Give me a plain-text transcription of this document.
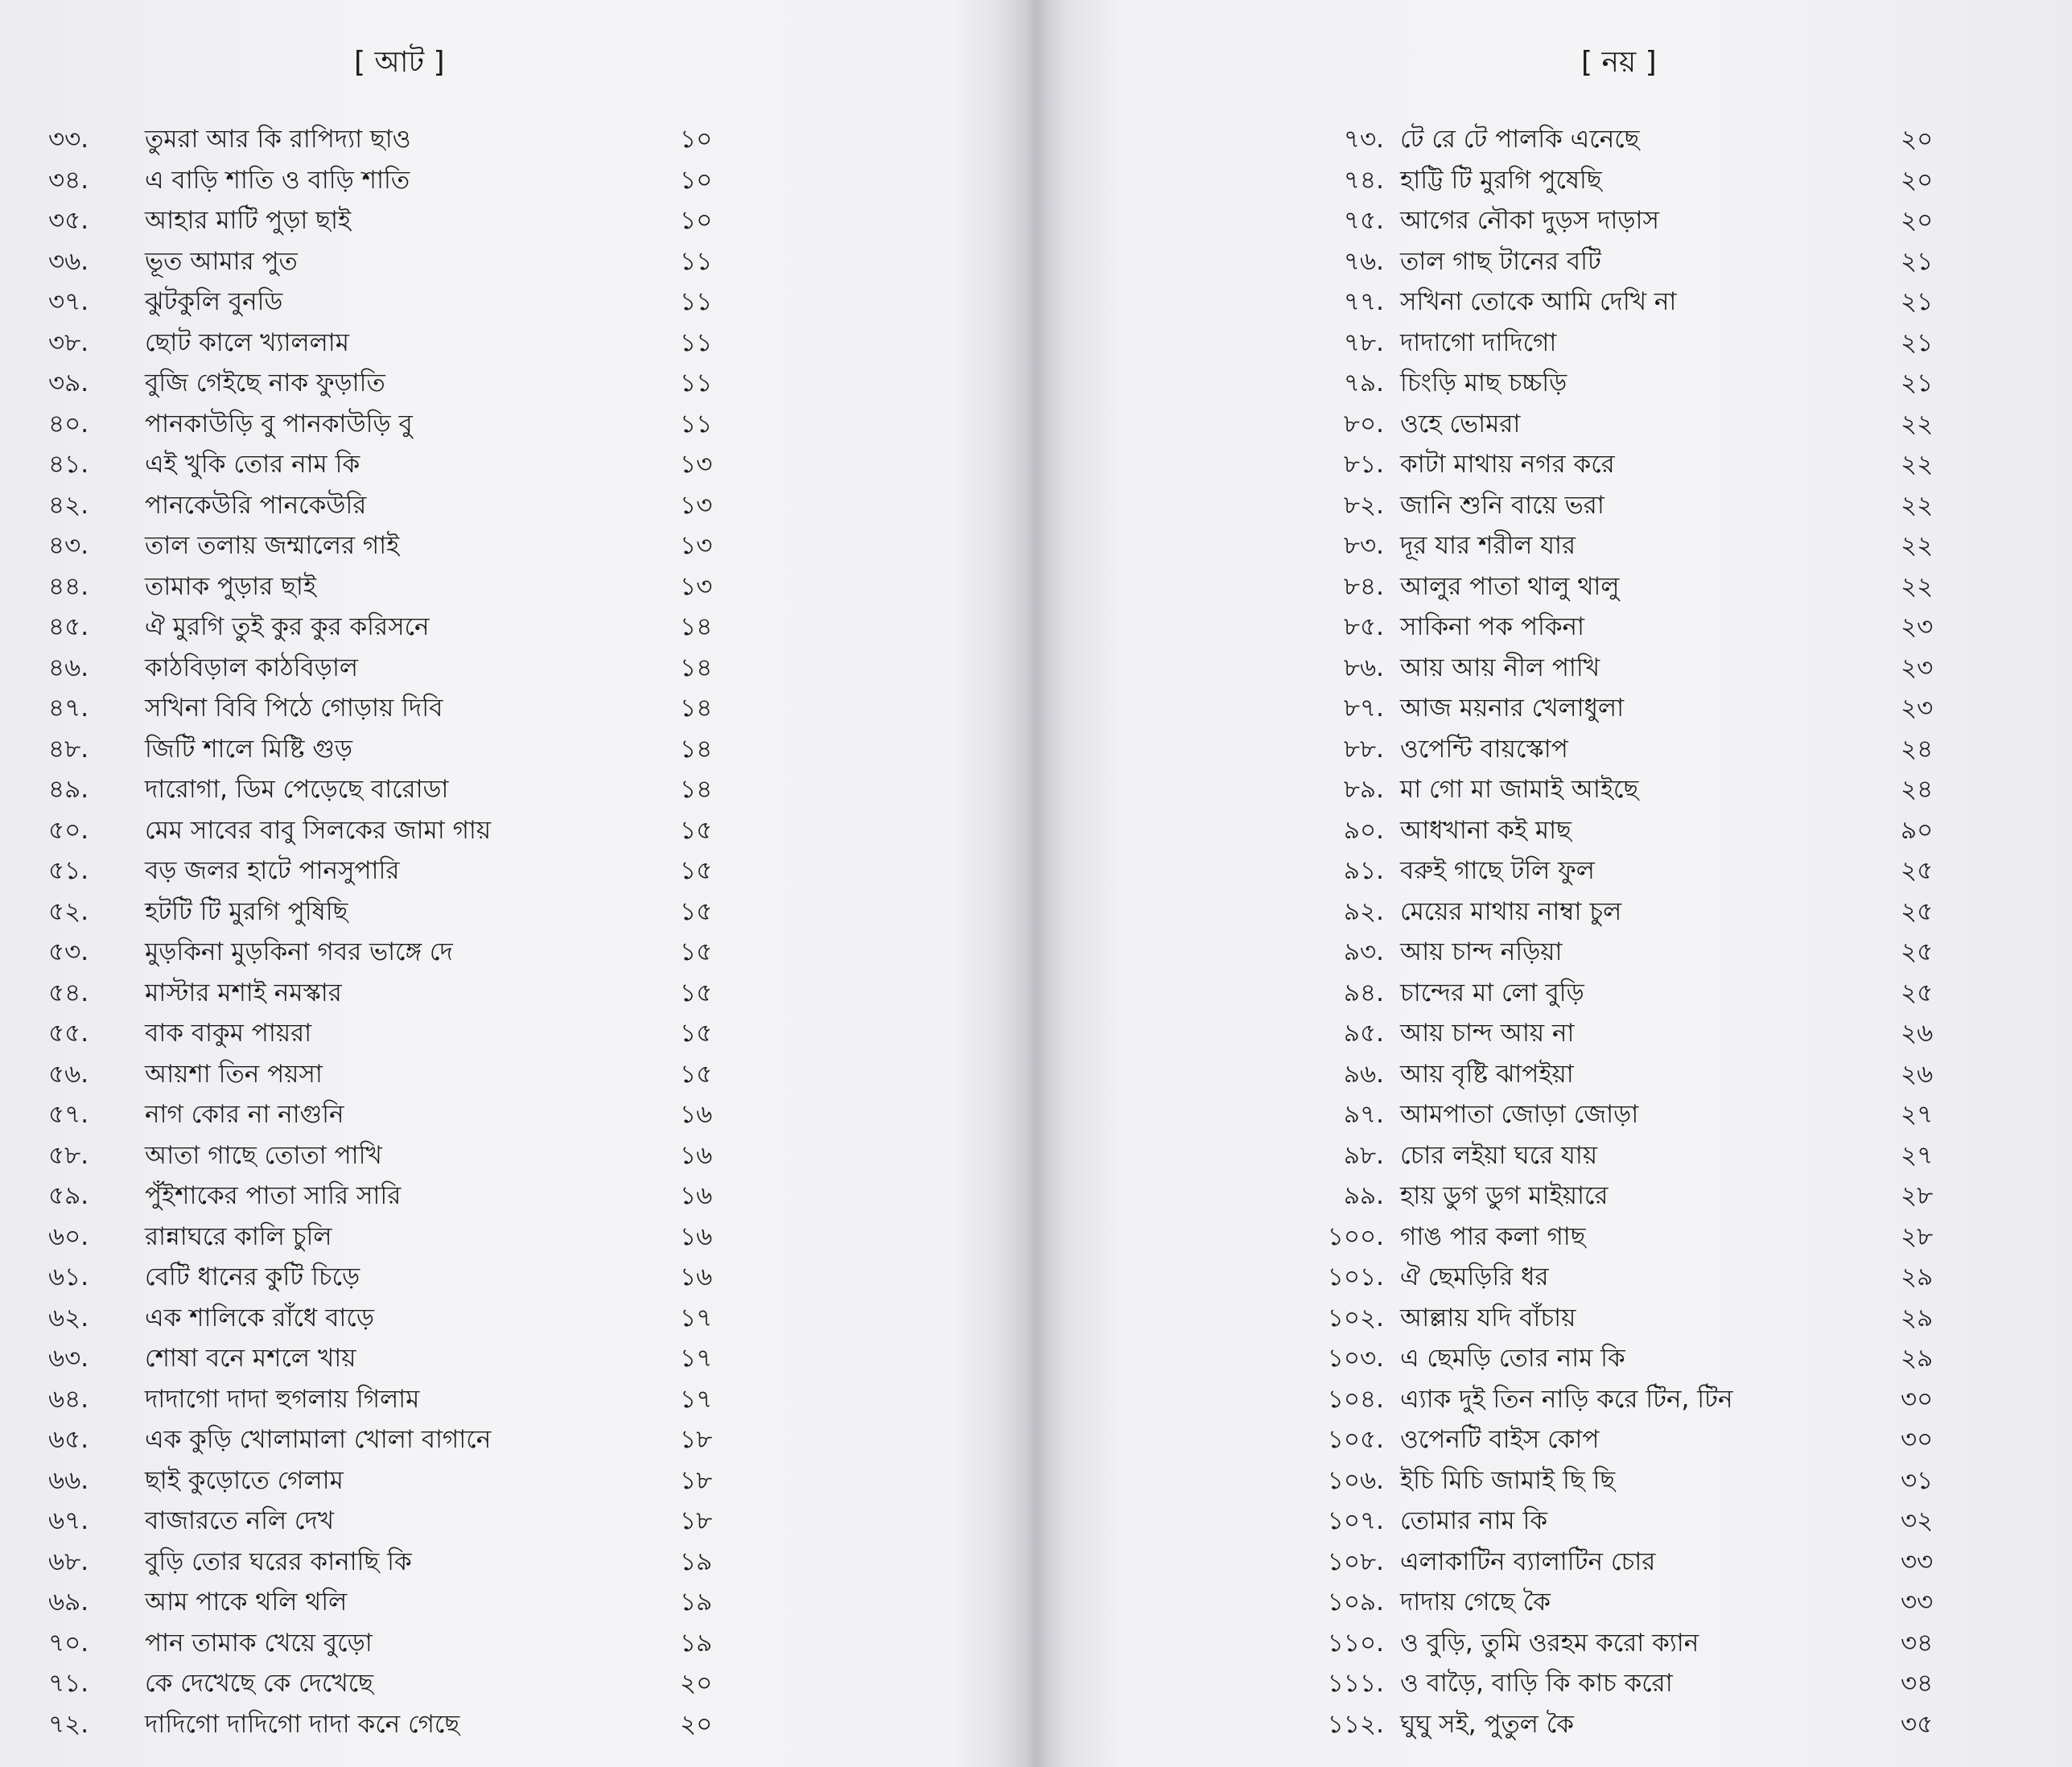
[ আট ]
৩৩.	তুমরা আর কি রাপিদ্যা ছাও	১০
৩৪.	এ বাড়ি শাতি ও বাড়ি শাতি	১০
৩৫.	আহার মাটি পুড়া ছাই	১০
৩৬.	ভূত আমার পুত	১১
৩৭.	ঝুটকুলি বুনডি	১১
৩৮.	ছোট কালে খ্যাললাম	১১
৩৯.	বুজি গেইছে নাক ফুড়াতি	১১
৪০.	পানকাউড়ি বু পানকাউড়ি বু	১১
৪১.	এই খুকি তোর নাম কি	১৩
৪২.	পানকেউরি পানকেউরি	১৩
৪৩.	তাল তলায় জম্মালের গাই	১৩
৪৪.	তামাক পুড়ার ছাই	১৩
৪৫.	ঐ মুরগি তুই কুর কুর করিসনে	১৪
৪৬.	কাঠবিড়াল কাঠবিড়াল	১৪
৪৭.	সখিনা বিবি পিঠে গোড়ায় দিবি	১৪
৪৮.	জিটি শালে মিষ্টি গুড়	১৪
৪৯.	দারোগা, ডিম পেড়েছে বারোডা	১৪
৫০.	মেম সাবের বাবু সিলকের জামা গায়	১৫
৫১.	বড় জলর হাটে পানসুপারি	১৫
৫২.	হটটি টি মুরগি পুষিছি	১৫
৫৩.	মুড়কিনা মুড়কিনা গবর ভাঙ্গে দে	১৫
৫৪.	মাস্টার মশাই নমস্কার	১৫
৫৫.	বাক বাকুম পায়রা	১৫
৫৬.	আয়শা তিন পয়সা	১৫
৫৭.	নাগ কোর না নাগুনি	১৬
৫৮.	আতা গাছে তোতা পাখি	১৬
৫৯.	পুঁইশাকের পাতা সারি সারি	১৬
৬০.	রান্নাঘরে কালি চুলি	১৬
৬১.	বেটি ধানের কুটি চিড়ে	১৬
৬২.	এক শালিকে রাঁধে বাড়ে	১৭
৬৩.	শোষা বনে মশলে খায়	১৭
৬৪.	দাদাগো দাদা হুগলায় গিলাম	১৭
৬৫.	এক কুড়ি খোলামালা খোলা বাগানে	১৮
৬৬.	ছাই কুড়োতে গেলাম	১৮
৬৭.	বাজারতে নলি দেখ	১৮
৬৮.	বুড়ি তোর ঘরের কানাছি কি	১৯
৬৯.	আম পাকে থলি থলি	১৯
৭০.	পান তামাক খেয়ে বুড়ো	১৯
৭১.	কে দেখেছে কে দেখেছে	২০
৭২.	দাদিগো দাদিগো দাদা কনে গেছে	২০
[ নয় ]
৭৩. টে রে টে পালকি এনেছে	২০
৭৪. হাট্টি টি মুরগি পুষেছি	২০
৭৫. আগের নৌকা দুড়স দাড়াস	২০
৭৬. তাল গাছ টানের বটি	২১
৭৭. সখিনা তোকে আমি দেখি না	২১
৭৮. দাদাগো দাদিগো	২১
৭৯. চিংড়ি মাছ চচ্চড়ি	২১
৮০. ওহে ভোমরা	২২
৮১. কাটা মাথায় নগর করে	২২
৮২. জানি শুনি বায়ে ভরা	২২
৮৩. দূর যার শরীল যার	২২
৮৪. আলুর পাতা থালু থালু	২২
৮৫. সাকিনা পক পকিনা	২৩
৮৬. আয় আয় নীল পাখি	২৩
৮৭. আজ ময়নার খেলাধুলা	২৩
৮৮. ওপেন্টি বায়স্কোপ	২৪
৮৯. মা গো মা জামাই আইছে	২৪
৯০. আধখানা কই মাছ	৯০
৯১. বরুই গাছে টলি ফুল	২৫
৯২. মেয়ের মাথায় নাম্বা চুল	২৫
৯৩. আয় চান্দ নড়িয়া	২৫
৯৪. চান্দের মা লো বুড়ি	২৫
৯৫. আয় চান্দ আয় না	২৬
৯৬. আয় বৃষ্টি ঝাপইয়া	২৬
৯৭. আমপাতা জোড়া জোড়া	২৭
৯৮. চোর লইয়া ঘরে যায়	২৭
৯৯. হায় ডুগ ডুগ মাইয়ারে	২৮
১০০. গাঙ পার কলা গাছ	২৮
১০১. ঐ ছেমড়িরি ধর	২৯
১০২. আল্লায় যদি বাঁচায়	২৯
১০৩. এ ছেমড়ি তোর নাম কি	২৯
১০৪. এ্যাক দুই তিন নাড়ি করে টিন, টিন	৩০
১০৫. ওপেনটি বাইস কোপ	৩০
১০৬. ইচি মিচি জামাই ছি ছি	৩১
১০৭. তোমার নাম কি	৩২
১০৮. এলাকাটিন ব্যালাটিন চোর	৩৩
১০৯. দাদায় গেছে কৈ	৩৩
১১০. ও বুড়ি, তুমি ওরহম করো ক্যান	৩৪
১১১. ও বাড়ৈ, বাড়ি কি কাচ করো	৩৪
১১২. ঘুঘু সই, পুতুল কৈ	৩৫
